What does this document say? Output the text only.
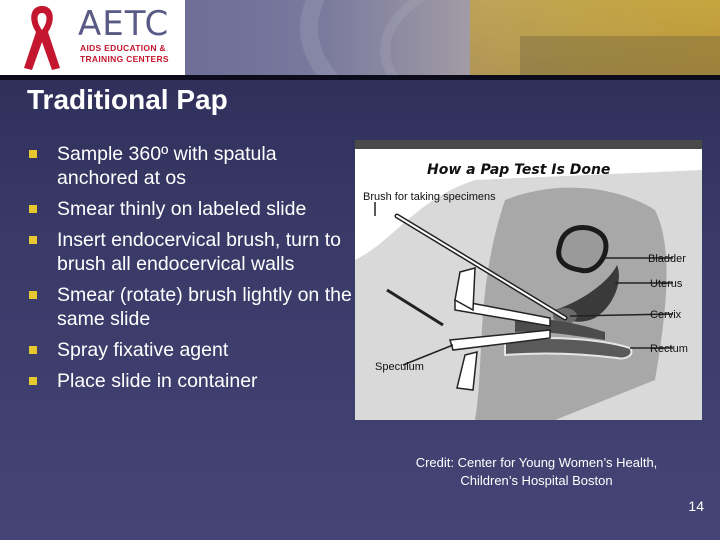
AETC
AIDS EDUCATION &
TRAINING CENTERS
Traditional Pap
Sample 360º with spatula anchored at os
Smear thinly on labeled slide
Insert endocervical brush, turn to brush all endocervical walls
Smear (rotate) brush lightly on the same slide
Spray fixative agent
Place slide in container
How a Pap Test Is Done
Brush for taking specimens
Speculum
Bladder
Uterus
Cervix
Rectum
Credit: Center for Young Women’s Health,
Children’s Hospital Boston
14
